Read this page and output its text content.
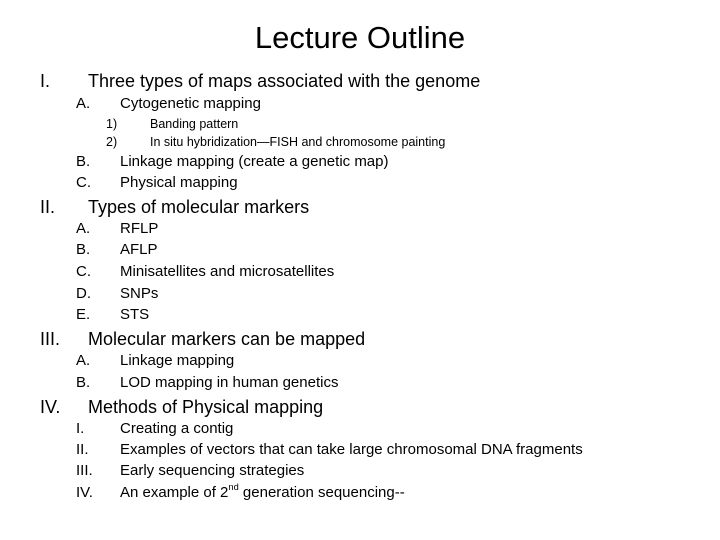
Lecture Outline
I. Three types of maps associated with the genome
A. Cytogenetic mapping
1)	Banding pattern
2)	In situ hybridization—FISH and chromosome painting
B. Linkage mapping (create a genetic map)
C. Physical mapping
II. Types of molecular markers
A. RFLP
B. AFLP
C. Minisatellites and microsatellites
D. SNPs
E. STS
III. Molecular markers can be mapped
A. Linkage mapping
B. LOD mapping in human genetics
IV. Methods of Physical mapping
I. Creating a contig
II. Examples of vectors that can take large chromosomal DNA fragments
III. Early sequencing strategies
IV. An example of 2nd generation sequencing--
